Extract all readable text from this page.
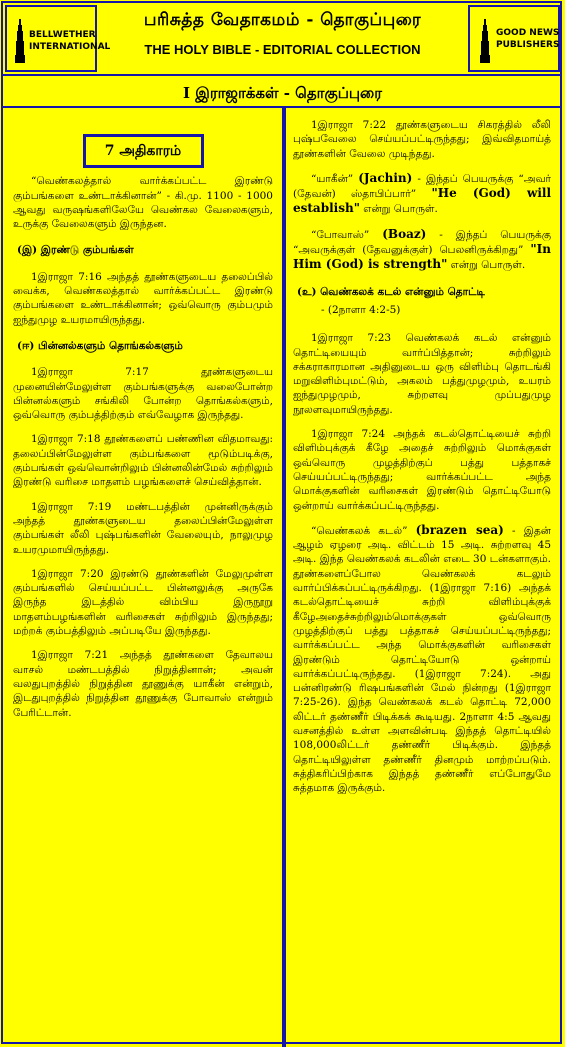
BELLWETHER
INTERNATIONAL
பரிசுத்த வேதாகமம் - தொகுப்புரை
THE HOLY BIBLE - EDITORIAL COLLECTION
GOOD NEWS
PUBLISHERS
I இராஜாக்கள் - தொகுப்புரை
7 அதிகாரம்

“வெண்கலத்தால் வார்க்கப்பட்ட இரண்டு கும்பங்களை உண்டாக்கினான்” - கி.மு. 1100 - 1000 ஆவது வருஷங்களிலேயே வெண்கல வேலைகளும், உருக்கு வேலைகளும் இருந்தன.

(இ) இரண்டு கும்பங்கள்

1இராஜா 7:16 அந்தத் தூண்களுடைய தலைப்பில் வைக்க, வெண்கலத்தால் வார்க்கப்பட்ட இரண்டு கும்பங்களை உண்டாக்கினான்; ஒவ்வொரு கும்பமும் ஐந்துமுழ உயரமாயிருந்தது.

(ஈ) பின்னல்களும் தொங்கல்களும்

1இராஜா 7:17 தூண்களுடைய முனையின்மேலுள்ள கும்பங்களுக்கு வலைபோன்ற பின்னல்களும் சங்கிலி போன்ற தொங்கல்களும், ஒவ்வொரு கும்பத்திற்கும் எவ்வேழாக இருந்தது.

1இராஜா 7:18 தூண்களைப் பண்ணின விதமாவது: தலைப்பின்மேலுள்ள கும்பங்களை மூடும்படிக்கு, கும்பங்கள் ஒவ்வொன்றிலும் பின்னலின்மேல் சுற்றிலும் இரண்டு வரிசை மாதளம் பழங்களைச் செய்வித்தான்.

1இராஜா 7:19 மண்டபத்தின் முன்னிருக்கும் அந்தத் தூண்களுடைய தலைப்பின்மேலுள்ள கும்பங்கள் லீலி புஷ்பங்களின் வேலையும், நாலுமுழ உயரமுமாயிருந்தது.

1இராஜா 7:20 இரண்டு தூண்களின் மேலுமுள்ள கும்பங்களில் செய்யப்பட்ட பின்னலுக்கு அருகே இருந்த இடத்தில் விம்பிய இருநூறு மாதளம்பழங்களின் வரிசைகள் சுற்றிலும் இருந்தது; மற்றக் கும்பத்திலும் அப்படியே இருந்தது.

1இராஜா 7:21 அந்தத் தூண்களை தேவாலய வாசல் மண்டபத்தில் நிறுத்தினான்; அவன் வலதுபுறத்தில் நிறுத்தின தூணுக்கு யாகீன் என்றும், இடதுபுறத்தில் நிறுத்தின தூணுக்கு போவாஸ் என்றும் பேரிட்டான்.

1இராஜா 7:22 தூண்களுடைய சிகரத்தில் லீலி புஷ்பவேலை செய்யப்பட்டிருந்தது; இவ்விதமாய்த் தூண்களின் வேலை முடிந்தது.

“யாகீன்” (Jachin) - இந்தப் பெயருக்கு “அவர் (தேவன்) ஸ்தாபிப்பார்” "He (God) will establish" என்று பொருள்.

“போவாஸ்” (Boaz) - இந்தப் பெயருக்கு “அவருக்குள் (தேவனுக்குள்) பெலனிருக்கிறது” "In Him (God) is strength" என்று பொருள்.

(உ) வெண்கலக் கடல் என்னும் தொட்டி
- (2நாளா 4:2-5)

1இராஜா 7:23 வெண்கலக் கடல் என்னும் தொட்டியையும் வார்ப்பித்தான்; சுற்றிலும் சக்கராகாரமான அதினுடைய ஒரு விளிம்பு தொடங்கி மறுவிளிம்புமட்டும், அகலம் பத்துமுழமும், உயரம் ஐந்துமுழமும், சுற்றளவு முப்பதுமுழ நூலளவுமாயிருந்தது.

1இராஜா 7:24 அந்தக் கடல்தொட்டியைச் சுற்றி விளிம்புக்குக் கீழே அதைச் சுற்றிலும் மொக்குகள் ஒவ்வொரு முழத்திற்குப் பத்து பத்தாகச் செய்யப்பட்டிருந்தது; வார்க்கப்பட்ட அந்த மொக்குகளின் வரிசைகள் இரண்டும் தொட்டியோடு ஒன்றாய் வார்க்கப்பட்டிருந்தது.

“வெண்கலக் கடல்” (brazen sea) - இதன் ஆழம் ஏழரை அடி. விட்டம் 15 அடி. சுற்றளவு 45 அடி. இந்த வெண்கலக் கடலின் எடை 30 டன்களாகும். தூண்களைப்போல வெண்கலக் கடலும் வார்ப்பிக்கப்பட்டிருக்கிறது. (1இராஜா 7:16) அந்தக் கடல்தொட்டியைச் சுற்றி விளிம்புக்குக் கீழேஅதைச்சுற்றிலும்மொக்குகள் ஒவ்வொரு முழத்திற்குப் பத்து பத்தாகச் செய்யப்பட்டிருந்தது; வார்க்கப்பட்ட அந்த மொக்குகளின் வரிசைகள் இரண்டும் தொட்டியோடு ஒன்றாய் வார்க்கப்பட்டிருந்தது. (1இராஜா 7:24). அது பன்னிரண்டு ரிஷபங்களின் மேல் நின்றது (1இராஜா 7:25-26). இந்த வெண்கலக் கடல் தொட்டி 72,000 லிட்டர் தண்ணீர் பிடிக்கக் கூடியது. 2நாளா 4:5 ஆவது வசனத்தில் உள்ள அளவின்படி இந்தத் தொட்டியில் 108,000லிட்டர் தண்ணீர் பிடிக்கும். இந்தத் தொட்டியிலுள்ள தண்ணீர் தினமும் மாற்றப்படும். சுத்திகரிப்பிற்காக இந்தத் தண்ணீர் எப்போதுமே சுத்தமாக இருக்கும்.
